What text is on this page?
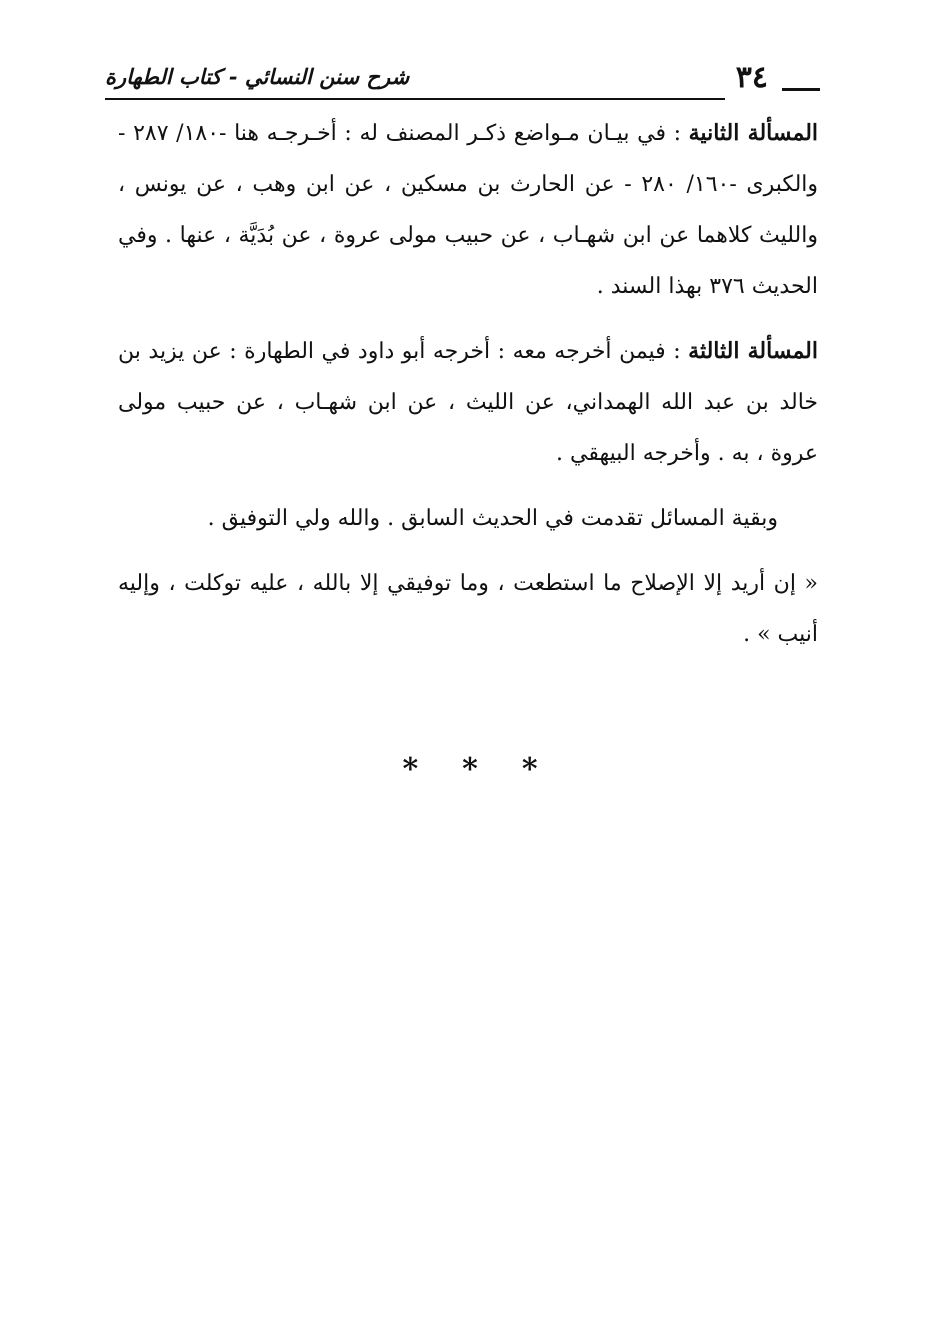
٣٤
شرح سنن النسائي - كتاب الطهارة

المسألة الثانية : في بيـان مـواضع ذكـر المصنف له : أخـرجـه هنا -١٨٠/ ٢٨٧ - والكبرى -١٦٠/ ٢٨٠ - عن الحارث بن مسكين ، عن ابن وهب ، عن يونس ، والليث كلاهما عن ابن شهـاب ، عن حبيب مولى عروة ، عن بُدَيَّة ، عنها . وفي الحديث ٣٧٦ بهذا السند .

المسألة الثالثة : فيمن أخرجه معه : أخرجه أبو داود في الطهارة : عن يزيد بن خالد بن عبد الله الهمداني، عن الليث ، عن ابن شهـاب ، عن حبيب مولى عروة ، به . وأخرجه البيهقي .

وبقية المسائل تقدمت في الحديث السابق . والله ولي التوفيق .

« إن أريد إلا الإصلاح ما استطعت ، وما توفيقي إلا بالله ، عليه توكلت ، وإليه أنيب » .

* * *
